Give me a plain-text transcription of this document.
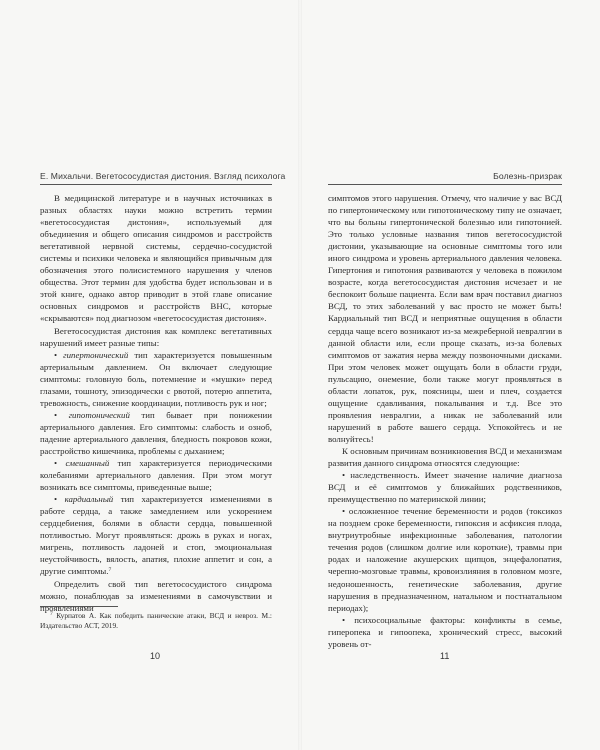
Е. Михальчи. Вегетососудистая дистония. Взгляд психолога

В медицинской литературе и в научных источниках в разных областях науки можно встретить термин «вегетососудистая дистония», используемый для объединения и общего описания синдромов и расстройств вегетативной нервной системы, сердечно-сосудистой системы и психики человека и являющийся привычным для обозначения этого полисистемного нарушения у членов общества. Этот термин для удобства будет использован и в этой книге, однако автор приводит в этой главе описание основных синдромов и расстройств ВНС, которые «скрываются» под диагнозом «вегетососудистая дистония».

Вегетососудистая дистония как комплекс вегетативных нарушений имеет разные типы:

• гипертонический тип характеризуется повышенным артериальным давлением. Он включает следующие симптомы: головную боль, потемнение и «мушки» перед глазами, тошноту, эпизодически с рвотой, потерю аппетита, тревожность, снижение координации, потливость рук и ног;

• гипотонический тип бывает при понижении артериального давления. Его симптомы: слабость и озноб, падение артериального давления, бледность покровов кожи, расстройство кишечника, проблемы с дыханием;

• смешанный тип характеризуется периодическими колебаниями артериального давления. При этом могут возникать все симптомы, приведенные выше;

• кардиальный тип характеризуется изменениями в работе сердца, а также замедлением или ускорением сердцебиения, болями в области сердца, повышенной потливостью. Могут проявляться: дрожь в руках и ногах, мигрень, потливость ладоней и стоп, эмоциональная неустойчивость, вялость, апатия, плохие аппетит и сон, а другие симптомы.$^7$

Определить свой тип вегетососудистого синдрома можно, понаблюдав за изменениями в самочувствии и проявлениями

$^7$ Курпатов А. Как победить панические атаки, ВСД и невроз. М.: Издательство АСТ, 2019.
10
Болезнь-призрак

симптомов этого нарушения. Отмечу, что наличие у вас ВСД по гипертоническому или гипотоническому типу не означает, что вы больны гипертонической болезнью или гипотонией. Это только условные названия типов вегетососудистой дистонии, указывающие на основные симптомы того или иного синдрома и уровень артериального давления человека. Гипертония и гипотония развиваются у человека в пожилом возрасте, когда вегетососудистая дистония исчезает и не беспокоит больше пациента. Если вам врач поставил диагноз ВСД, то этих заболеваний у вас просто не может быть! Кардиальный тип ВСД и неприятные ощущения в области сердца чаще всего возникают из-за межреберной невралгии в данной области или, если проще сказать, из-за болевых симптомов от зажатия нерва между позвоночными дисками. При этом человек может ощущать боли в области груди, пульсацию, онемение, боли также могут проявляться в области лопаток, рук, поясницы, шеи и плеч, создается ощущение сдавливания, покалывания и т.д. Все это проявления невралгии, а никак не заболеваний или нарушений в работе вашего сердца. Успокойтесь и не волнуйтесь!

К основным причинам возникновения ВСД и механизмам развития данного синдрома относятся следующие:

• наследственность. Имеет значение наличие диагноза ВСД и её симптомов у ближайших родственников, преимущественно по материнской линии;

• осложненное течение беременности и родов (токсикоз на позднем сроке беременности, гипоксия и асфиксия плода, внутриутробные инфекционные заболевания, патологии течения родов (слишком долгие или короткие), травмы при родах и наложение акушерских щипцов, энцефалопатия, черепно-мозговые травмы, кровоизлияния в головном мозге, недоношенность, генетические заболевания, другие нарушения в предназначенном, натальном и постнатальном периодах);

• психосоциальные факторы: конфликты в семье, гиперопека и гипоопека, хронический стресс, высокий уровень от-

11
